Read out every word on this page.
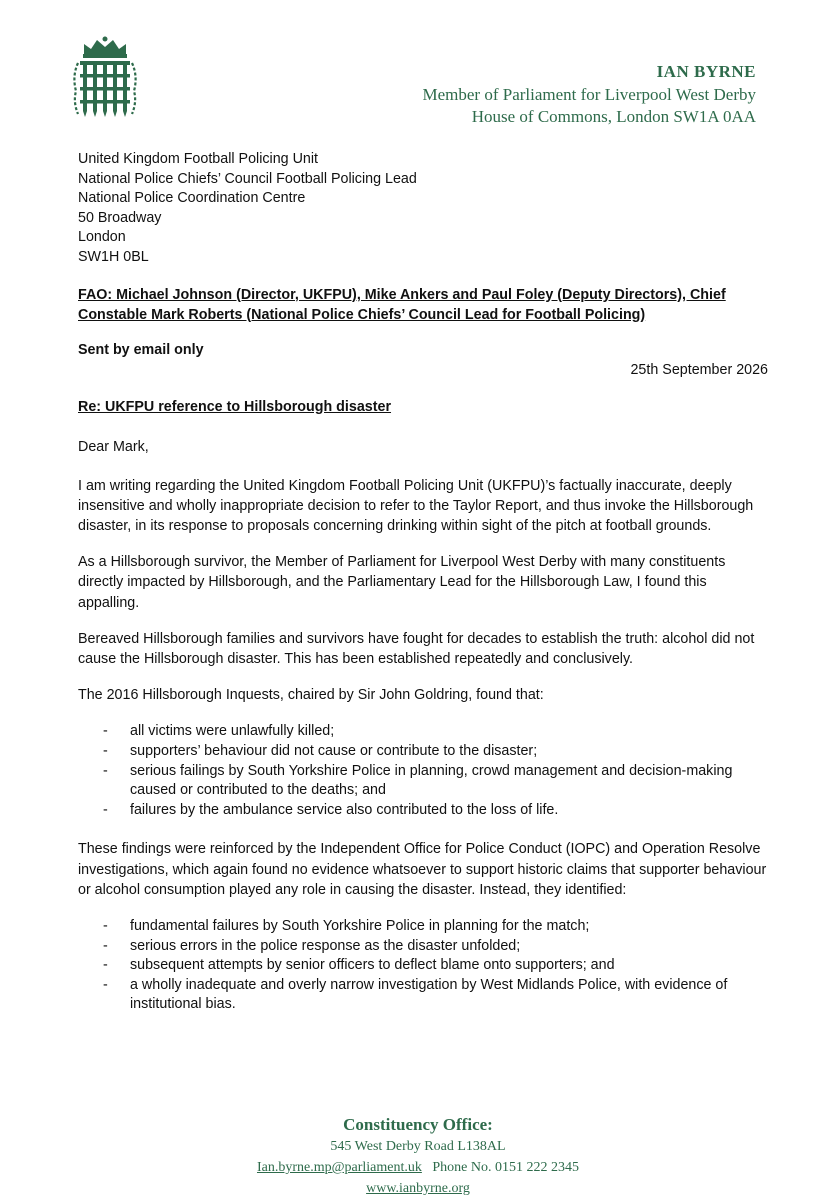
IAN BYRNE
Member of Parliament for Liverpool West Derby
House of Commons, London SW1A 0AA
United Kingdom Football Policing Unit
National Police Chiefs’ Council Football Policing Lead
National Police Coordination Centre
50 Broadway
London
SW1H 0BL
FAO: Michael Johnson (Director, UKFPU), Mike Ankers and Paul Foley (Deputy Directors), Chief Constable Mark Roberts (National Police Chiefs’ Council Lead for Football Policing)
Sent by email only
25th September 2026
Re: UKFPU reference to Hillsborough disaster
Dear Mark,
I am writing regarding the United Kingdom Football Policing Unit (UKFPU)’s factually inaccurate, deeply insensitive and wholly inappropriate decision to refer to the Taylor Report, and thus invoke the Hillsborough disaster, in its response to proposals concerning drinking within sight of the pitch at football grounds.
As a Hillsborough survivor, the Member of Parliament for Liverpool West Derby with many constituents directly impacted by Hillsborough, and the Parliamentary Lead for the Hillsborough Law, I found this appalling.
Bereaved Hillsborough families and survivors have fought for decades to establish the truth: alcohol did not cause the Hillsborough disaster. This has been established repeatedly and conclusively.
The 2016 Hillsborough Inquests, chaired by Sir John Goldring, found that:
- all victims were unlawfully killed;
- supporters’ behaviour did not cause or contribute to the disaster;
- serious failings by South Yorkshire Police in planning, crowd management and decision-making caused or contributed to the deaths; and
- failures by the ambulance service also contributed to the loss of life.
These findings were reinforced by the Independent Office for Police Conduct (IOPC) and Operation Resolve investigations, which again found no evidence whatsoever to support historic claims that supporter behaviour or alcohol consumption played any role in causing the disaster. Instead, they identified:
- fundamental failures by South Yorkshire Police in planning for the match;
- serious errors in the police response as the disaster unfolded;
- subsequent attempts by senior officers to deflect blame onto supporters; and
- a wholly inadequate and overly narrow investigation by West Midlands Police, with evidence of institutional bias.
Constituency Office:
545 West Derby Road L138AL
Ian.byrne.mp@parliament.uk Phone No. 0151 222 2345
www.ianbyrne.org
